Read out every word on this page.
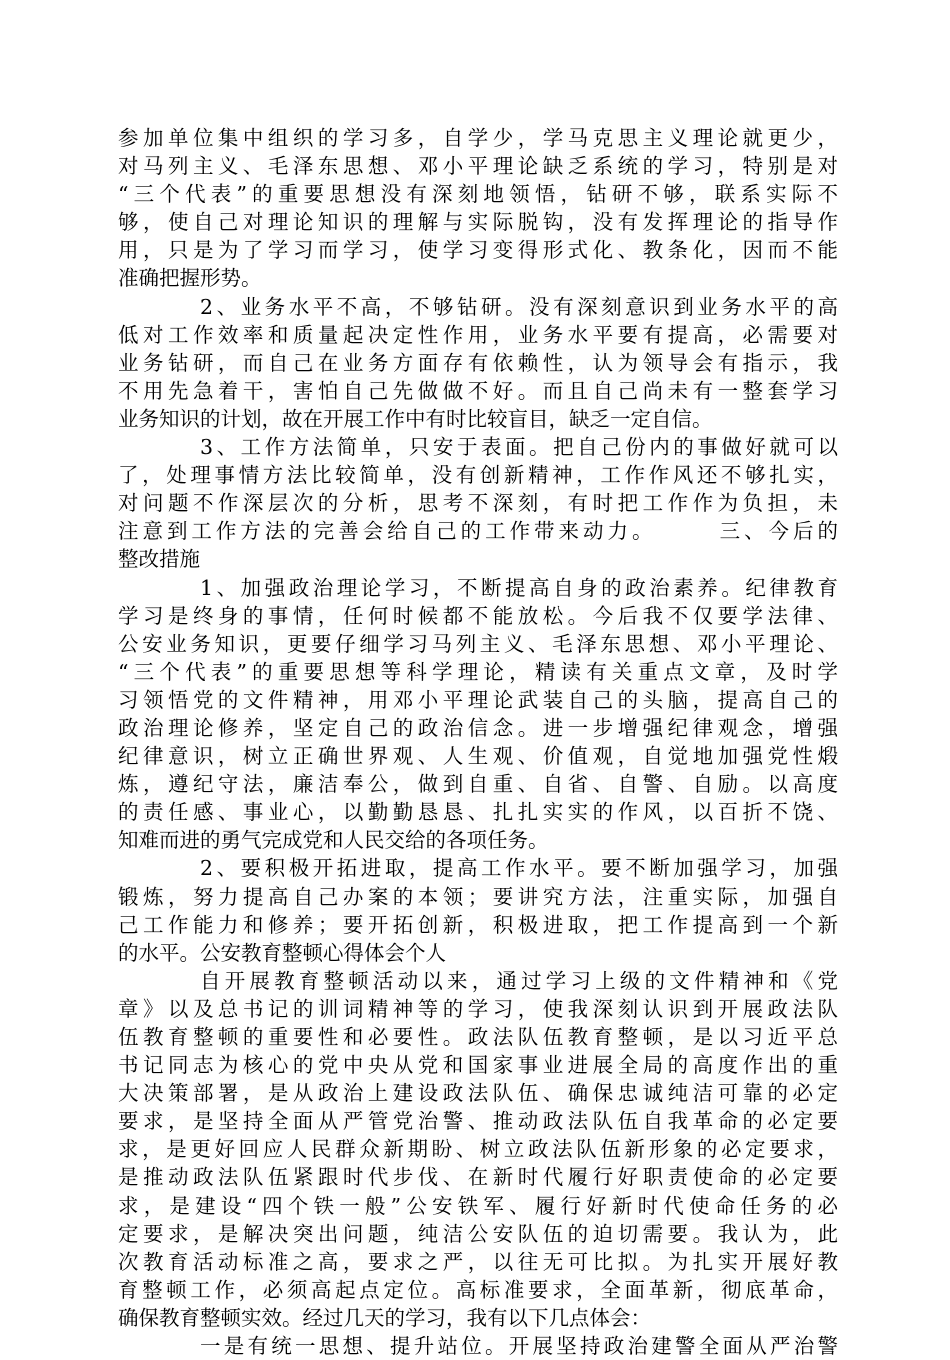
参加单位集中组织的学习多，自学少，学马克思主义理论就更少，
对马列主义、毛泽东思想、邓小平理论缺乏系统的学习，特别是对
“三个代表”的重要思想没有深刻地领悟，钻研不够，联系实际不
够，使自己对理论知识的理解与实际脱钩，没有发挥理论的指导作
用，只是为了学习而学习，使学习变得形式化、教条化，因而不能
准确把握形势。
2、业务水平不高，不够钻研。没有深刻意识到业务水平的高
低对工作效率和质量起决定性作用，业务水平要有提高，必需要对
业务钻研，而自己在业务方面存有依赖性，认为领导会有指示，我
不用先急着干，害怕自己先做做不好。而且自己尚未有一整套学习
业务知识的计划，故在开展工作中有时比较盲目，缺乏一定自信。
3、工作方法简单，只安于表面。把自己份内的事做好就可以
了，处理事情方法比较简单，没有创新精神，工作作风还不够扎实，
对问题不作深层次的分析，思考不深刻，有时把工作作为负担，未
注意到工作方法的完善会给自己的工作带来动力。　　　三、今后的
整改措施
1、加强政治理论学习，不断提高自身的政治素养。纪律教育
学习是终身的事情，任何时候都不能放松。今后我不仅要学法律、
公安业务知识，更要仔细学习马列主义、毛泽东思想、邓小平理论、
“三个代表”的重要思想等科学理论，精读有关重点文章，及时学
习领悟党的文件精神，用邓小平理论武装自己的头脑，提高自己的
政治理论修养，坚定自己的政治信念。进一步增强纪律观念，增强
纪律意识，树立正确世界观、人生观、价值观，自觉地加强党性煅
炼，遵纪守法，廉洁奉公，做到自重、自省、自警、自励。以高度
的责任感、事业心，以勤勤恳恳、扎扎实实的作风，以百折不饶、
知难而进的勇气完成党和人民交给的各项任务。
2、要积极开拓进取，提高工作水平。要不断加强学习，加强
锻炼，努力提高自己办案的本领；要讲究方法，注重实际，加强自
己工作能力和修养；要开拓创新，积极进取，把工作提高到一个新
的水平。公安教育整顿心得体会个人
自开展教育整顿活动以来，通过学习上级的文件精神和《党
章》以及总书记的训词精神等的学习，使我深刻认识到开展政法队
伍教育整顿的重要性和必要性。政法队伍教育整顿，是以习近平总
书记同志为核心的党中央从党和国家事业进展全局的高度作出的重
大决策部署，是从政治上建设政法队伍、确保忠诚纯洁可靠的必定
要求，是坚持全面从严管党治警、推动政法队伍自我革命的必定要
求，是更好回应人民群众新期盼、树立政法队伍新形象的必定要求，
是推动政法队伍紧跟时代步伐、在新时代履行好职责使命的必定要
求，是建设“四个铁一般”公安铁军、履行好新时代使命任务的必
定要求，是解决突出问题，纯洁公安队伍的迫切需要。我认为，此
次教育活动标准之高，要求之严，以往无可比拟。为扎实开展好教
育整顿工作，必须高起点定位。高标准要求，全面革新，彻底革命，
确保教育整顿实效。经过几天的学习，我有以下几点体会：
一是有统一思想、提升站位。开展坚持政治建警全面从严治警
